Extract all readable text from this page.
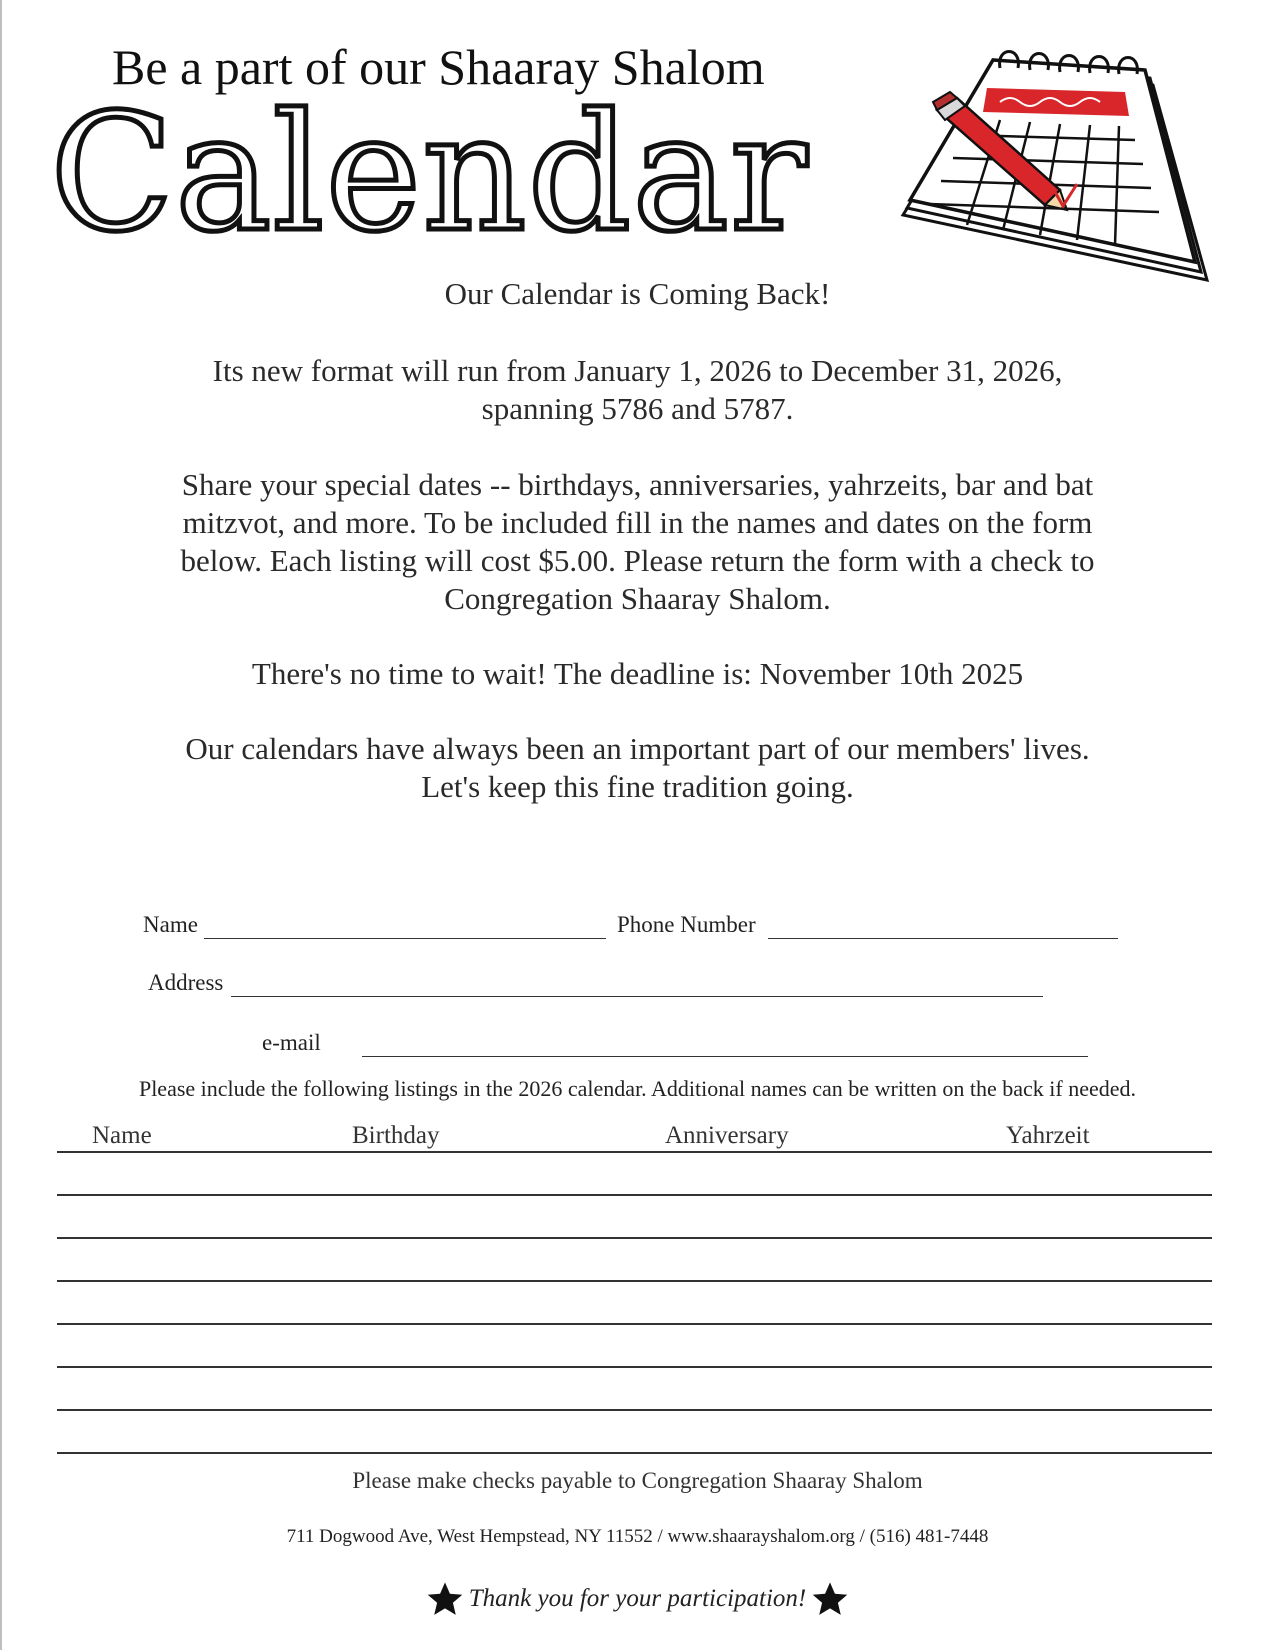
Be a part of our Shaaray Shalom
Calendar
Our Calendar is Coming Back!
Its new format will run from January 1, 2026 to December 31, 2026,
spanning 5786 and 5787.
Share your special dates -- birthdays, anniversaries, yahrzeits, bar and bat
mitzvot, and more. To be included fill in the names and dates on the form
below. Each listing will cost $5.00. Please return the form with a check to
Congregation Shaaray Shalom.
There's no time to wait! The deadline is: November 10th 2025
Our calendars have always been an important part of our members' lives.
Let's keep this fine tradition going.
Name	Phone Number
Address
e-mail
Please include the following listings in the 2026 calendar. Additional names can be written on the back if needed.
Name	Birthday	Anniversary	Yahrzeit
Please make checks payable to Congregation Shaaray Shalom
711 Dogwood Ave, West Hempstead, NY 11552 / www.shaarayshalom.org / (516) 481-7448
Thank you for your participation!
